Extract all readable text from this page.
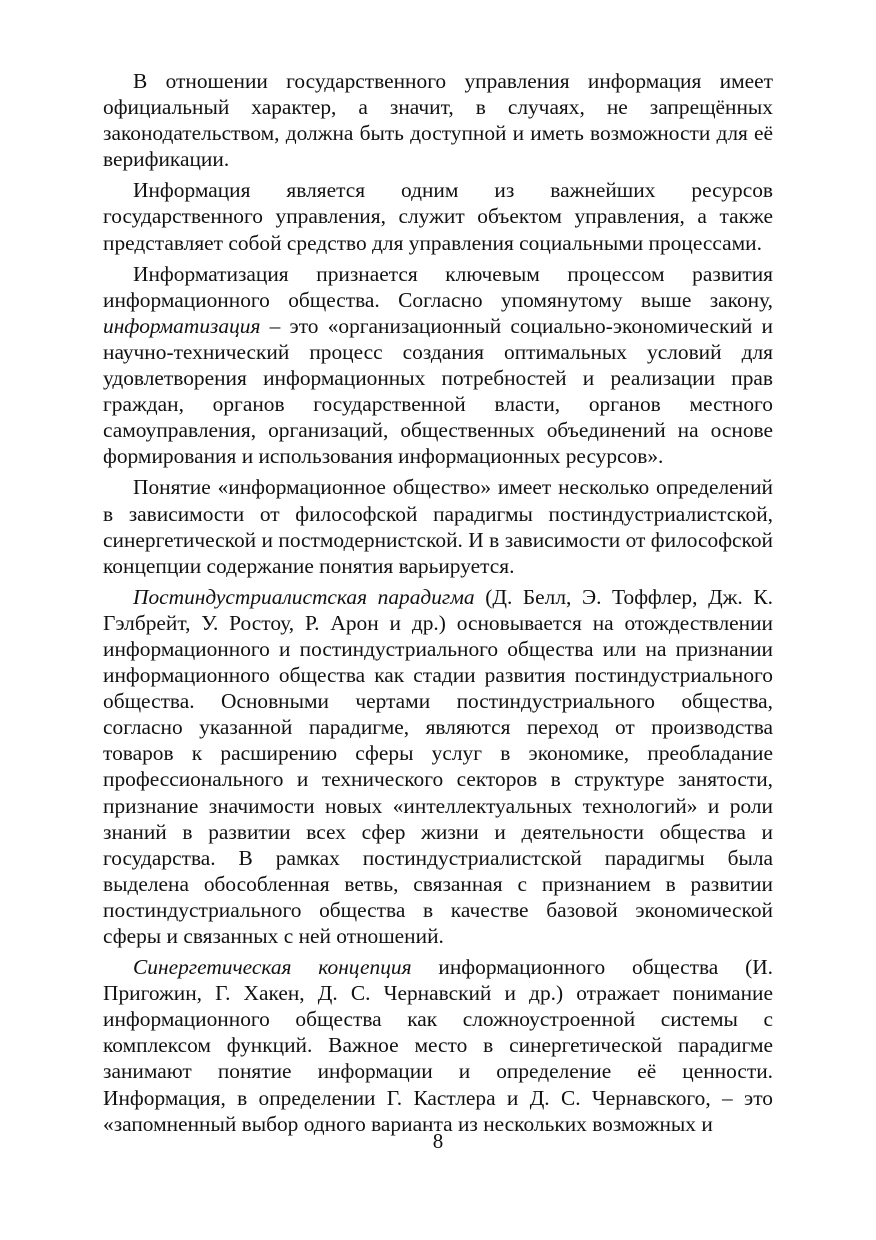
В отношении государственного управления информация имеет официальный характер, а значит, в случаях, не запрещённых законодательством, должна быть доступной и иметь возможности для её верификации.

Информация является одним из важнейших ресурсов государственного управления, служит объектом управления, а также представляет собой средство для управления социальными процессами.

Информатизация признается ключевым процессом развития информационного общества. Согласно упомянутому выше закону, информатизация – это «организационный социально-экономический и научно-технический процесс создания оптимальных условий для удовлетворения информационных потребностей и реализации прав граждан, органов государственной власти, органов местного самоуправления, организаций, общественных объединений на основе формирования и использования информационных ресурсов».

Понятие «информационное общество» имеет несколько определений в зависимости от философской парадигмы постиндустриалистской, синергетической и постмодернистской. И в зависимости от философской концепции содержание понятия варьируется.

Постиндустриалистская парадигма (Д. Белл, Э. Тоффлер, Дж. К. Гэлбрейт, У. Ростоу, Р. Арон и др.) основывается на отождествлении информационного и постиндустриального общества или на признании информационного общества как стадии развития постиндустриального общества. Основными чертами постиндустриального общества, согласно указанной парадигме, являются переход от производства товаров к расширению сферы услуг в экономике, преобладание профессионального и технического секторов в структуре занятости, признание значимости новых «интеллектуальных технологий» и роли знаний в развитии всех сфер жизни и деятельности общества и государства. В рамках постиндустриалистской парадигмы была выделена обособленная ветвь, связанная с признанием в развитии постиндустриального общества в качестве базовой экономической сферы и связанных с ней отношений.

Синергетическая концепция информационного общества (И. Пригожин, Г. Хакен, Д. С. Чернавский и др.) отражает понимание информационного общества как сложноустроенной системы с комплексом функций. Важное место в синергетической парадигме занимают понятие информации и определение её ценности. Информация, в определении Г. Кастлера и Д. С. Чернавского, – это «запомненный выбор одного варианта из нескольких возможных и

8
